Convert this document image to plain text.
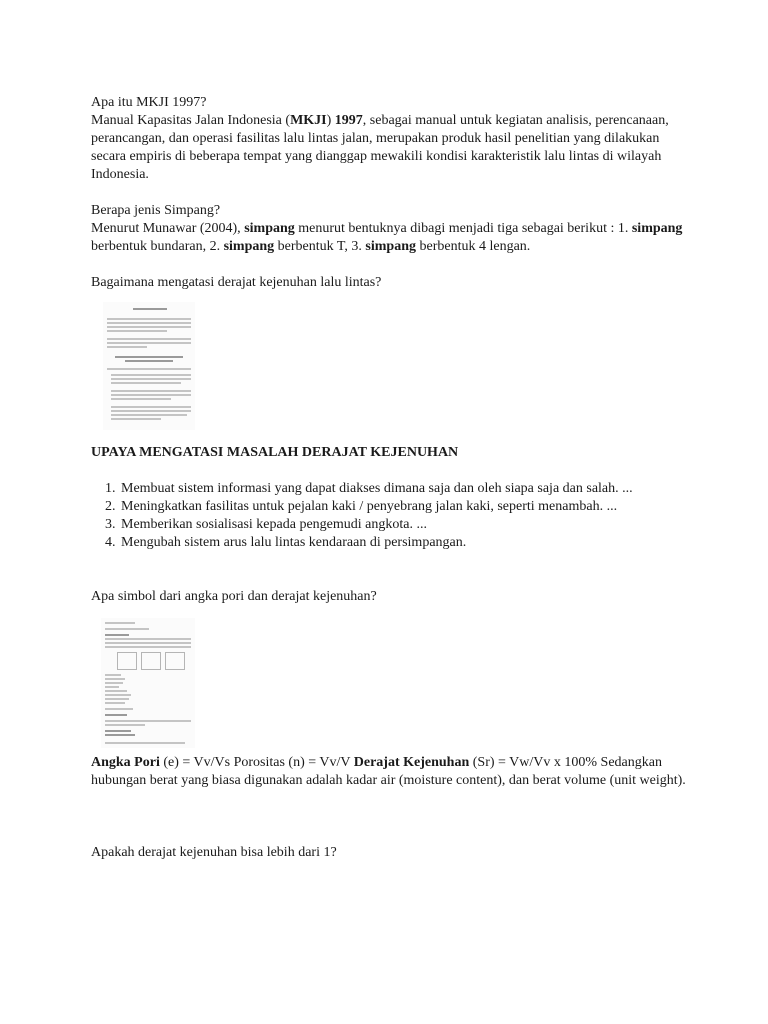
Apa itu MKJI 1997?

Manual Kapasitas Jalan Indonesia (MKJI) 1997, sebagai manual untuk kegiatan analisis, perencanaan, perancangan, dan operasi fasilitas lalu lintas jalan, merupakan produk hasil penelitian yang dilakukan secara empiris di beberapa tempat yang dianggap mewakili kondisi karakteristik lalu lintas di wilayah Indonesia.

Berapa jenis Simpang?

Menurut Munawar (2004), simpang menurut bentuknya dibagi menjadi tiga sebagai berikut : 1. simpang berbentuk bundaran, 2. simpang berbentuk T, 3. simpang berbentuk 4 lengan.

Bagaimana mengatasi derajat kejenuhan lalu lintas?

UPAYA MENGATASI MASALAH DERAJAT KEJENUHAN

1. Membuat sistem informasi yang dapat diakses dimana saja dan oleh siapa saja dan salah. ...
2. Meningkatkan fasilitas untuk pejalan kaki / penyebrang jalan kaki, seperti menambah. ...
3. Memberikan sosialisasi kepada pengemudi angkota. ...
4. Mengubah sistem arus lalu lintas kendaraan di persimpangan.

Apa simbol dari angka pori dan derajat kejenuhan?

Angka Pori (e) = Vv/Vs Porositas (n) = Vv/V Derajat Kejenuhan (Sr) = Vw/Vv x 100% Sedangkan hubungan berat yang biasa digunakan adalah kadar air (moisture content), dan berat volume (unit weight).

Apakah derajat kejenuhan bisa lebih dari 1?
